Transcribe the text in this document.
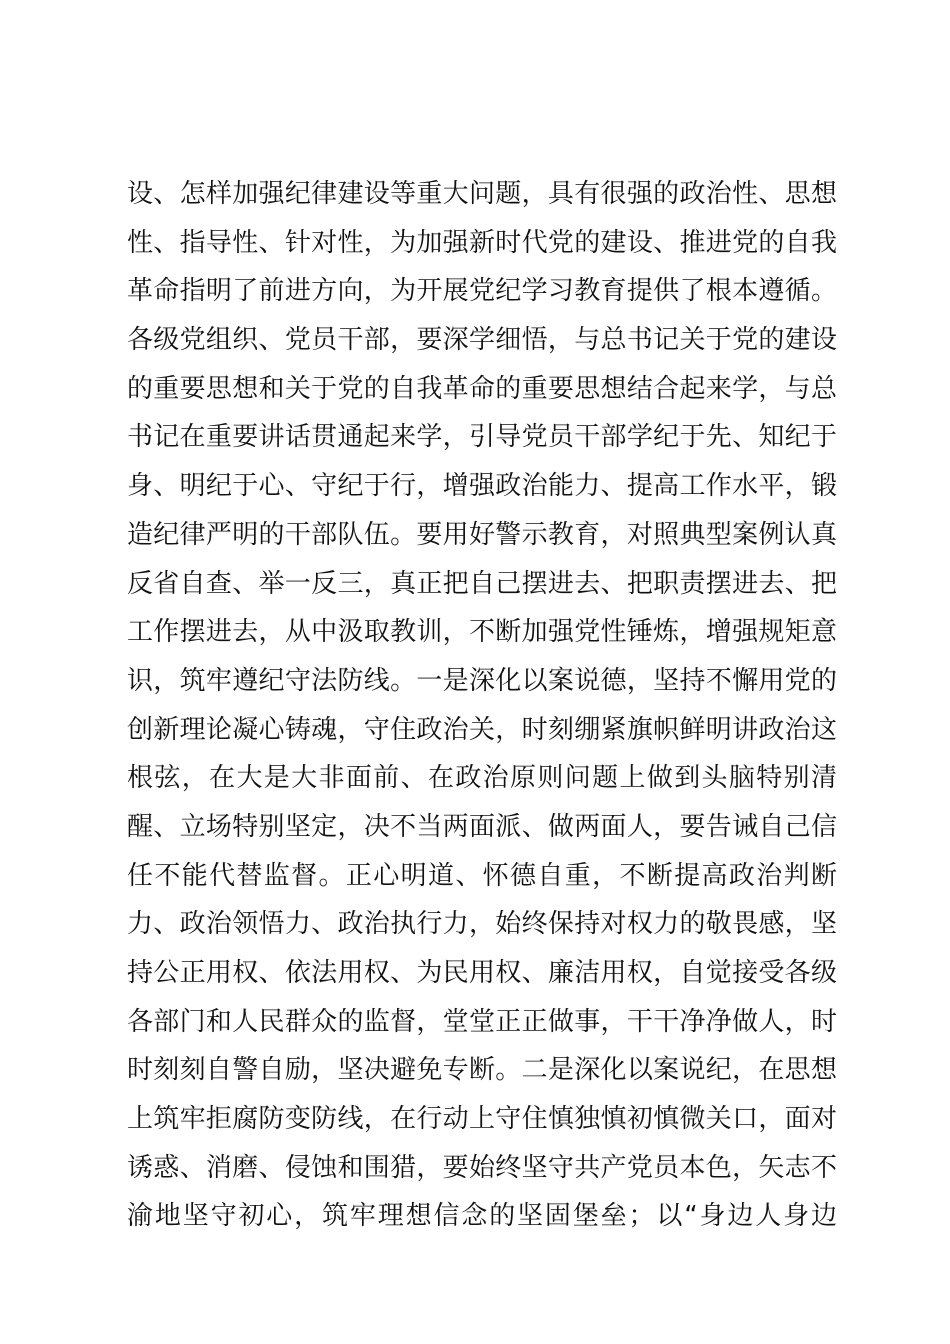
设、怎样加强纪律建设等重大问题，具有很强的政治性、思想
性、指导性、针对性，为加强新时代党的建设、推进党的自我
革命指明了前进方向，为开展党纪学习教育提供了根本遵循。
各级党组织、党员干部，要深学细悟，与总书记关于党的建设
的重要思想和关于党的自我革命的重要思想结合起来学，与总
书记在重要讲话贯通起来学，引导党员干部学纪于先、知纪于
身、明纪于心、守纪于行，增强政治能力、提高工作水平，锻
造纪律严明的干部队伍。要用好警示教育，对照典型案例认真
反省自查、举一反三，真正把自己摆进去、把职责摆进去、把
工作摆进去，从中汲取教训，不断加强党性锤炼，增强规矩意
识，筑牢遵纪守法防线。一是深化以案说德，坚持不懈用党的
创新理论凝心铸魂，守住政治关，时刻绷紧旗帜鲜明讲政治这
根弦，在大是大非面前、在政治原则问题上做到头脑特别清
醒、立场特别坚定，决不当两面派、做两面人，要告诫自己信
任不能代替监督。正心明道、怀德自重，不断提高政治判断
力、政治领悟力、政治执行力，始终保持对权力的敬畏感，坚
持公正用权、依法用权、为民用权、廉洁用权，自觉接受各级
各部门和人民群众的监督，堂堂正正做事，干干净净做人，时
时刻刻自警自励，坚决避免专断。二是深化以案说纪，在思想
上筑牢拒腐防变防线，在行动上守住慎独慎初慎微关口，面对
诱惑、消磨、侵蚀和围猎，要始终坚守共产党员本色，矢志不
渝地坚守初心，筑牢理想信念的坚固堡垒；以“身边人身边
